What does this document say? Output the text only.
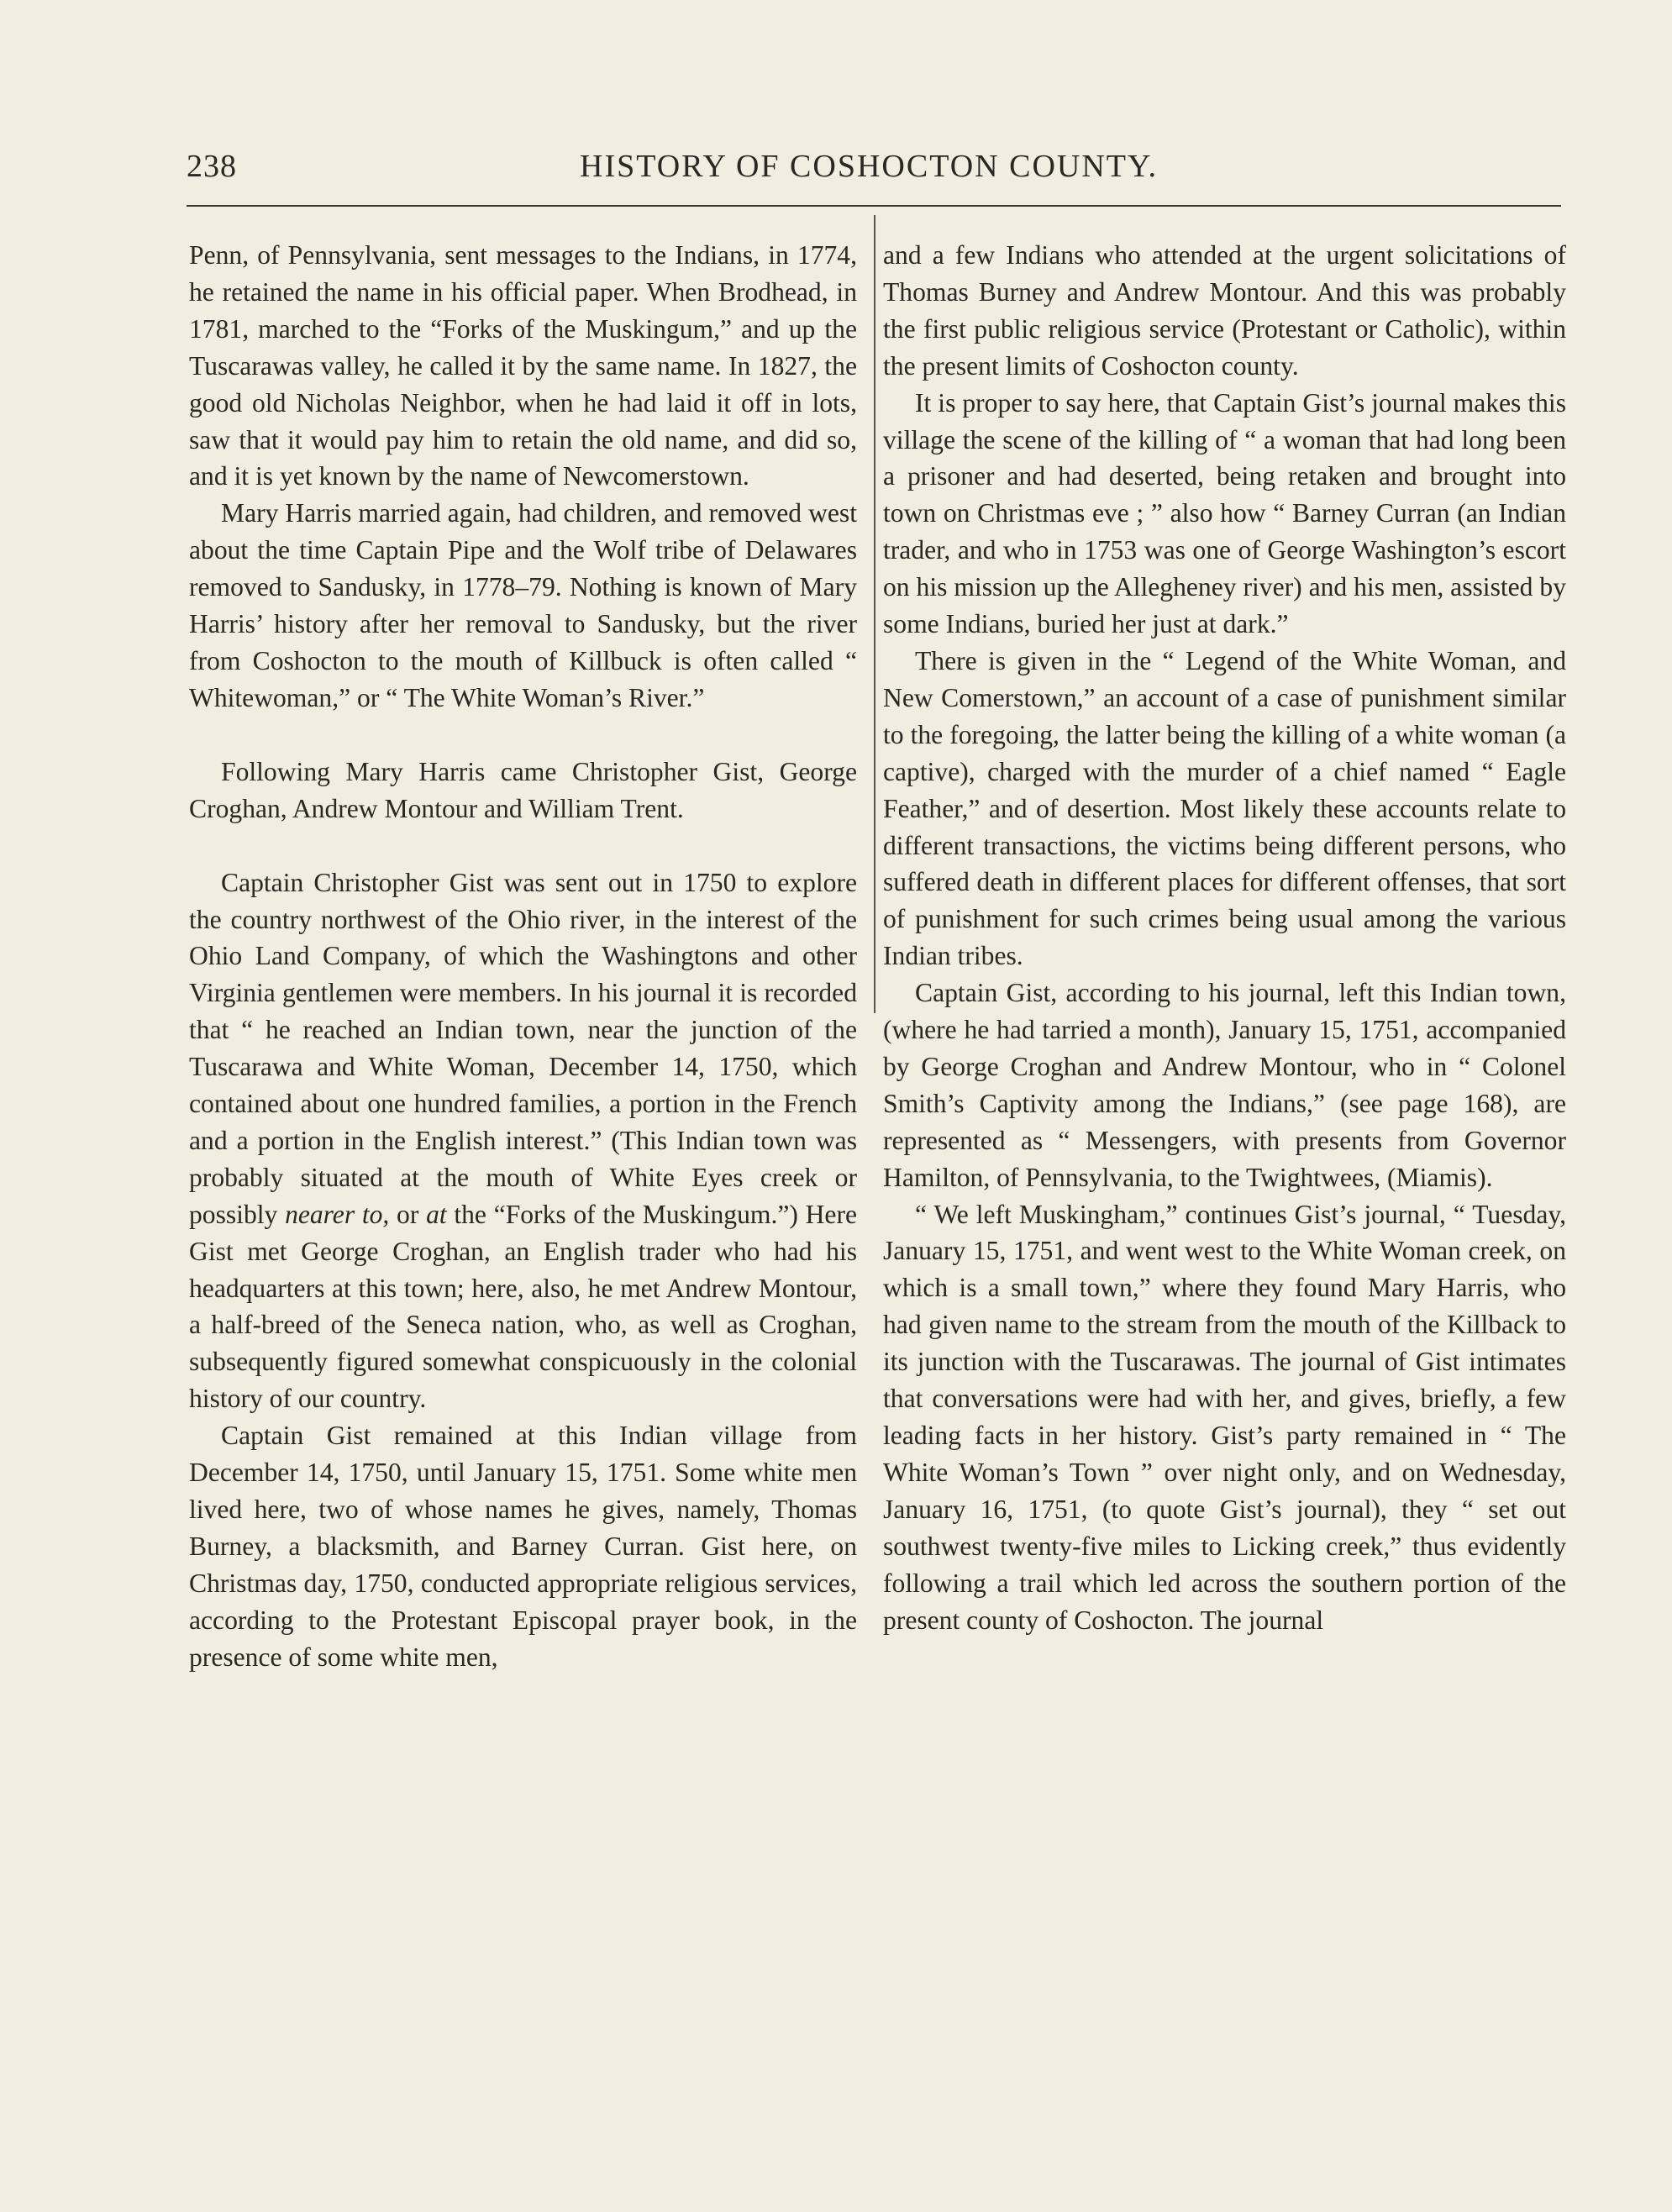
238	HISTORY OF COSHOCTON COUNTY.

Penn, of Pennsylvania, sent messages to the Indians, in 1774, he retained the name in his official paper. When Brodhead, in 1781, marched to the “Forks of the Muskingum,” and up the Tuscarawas valley, he called it by the same name. In 1827, the good old Nicholas Neighbor, when he had laid it off in lots, saw that it would pay him to retain the old name, and did so, and it is yet known by the name of Newcomerstown.

Mary Harris married again, had children, and removed west about the time Captain Pipe and the Wolf tribe of Delawares removed to Sandusky, in 1778–79. Nothing is known of Mary Harris’ history after her removal to Sandusky, but the river from Coshocton to the mouth of Killbuck is often called “ Whitewoman,” or “ The White Woman’s River.”

Following Mary Harris came Christopher Gist, George Croghan, Andrew Montour and William Trent.

Captain Christopher Gist was sent out in 1750 to explore the country northwest of the Ohio river, in the interest of the Ohio Land Company, of which the Washingtons and other Virginia gentlemen were members. In his journal it is recorded that “ he reached an Indian town, near the junction of the Tuscarawa and White Woman, December 14, 1750, which contained about one hundred families, a portion in the French and a portion in the English interest.” (This Indian town was probably situated at the mouth of White Eyes creek or possibly nearer to, or at the “Forks of the Muskingum.”) Here Gist met George Croghan, an English trader who had his headquarters at this town; here, also, he met Andrew Montour, a half-breed of the Seneca nation, who, as well as Croghan, subsequently figured somewhat conspicuously in the colonial history of our country.

Captain Gist remained at this Indian village from December 14, 1750, until January 15, 1751. Some white men lived here, two of whose names he gives, namely, Thomas Burney, a blacksmith, and Barney Curran. Gist here, on Christmas day, 1750, conducted appropriate religious services, according to the Protestant Episcopal prayer book, in the presence of some white men,

and a few Indians who attended at the urgent solicitations of Thomas Burney and Andrew Montour. And this was probably the first public religious service (Protestant or Catholic), within the present limits of Coshocton county.

It is proper to say here, that Captain Gist’s journal makes this village the scene of the killing of “ a woman that had long been a prisoner and had deserted, being retaken and brought into town on Christmas eve ; ” also how “ Barney Curran (an Indian trader, and who in 1753 was one of George Washington’s escort on his mission up the Allegheney river) and his men, assisted by some Indians, buried her just at dark.”

There is given in the “ Legend of the White Woman, and New Comerstown,” an account of a case of punishment similar to the foregoing, the latter being the killing of a white woman (a captive), charged with the murder of a chief named “ Eagle Feather,” and of desertion. Most likely these accounts relate to different transactions, the victims being different persons, who suffered death in different places for different offenses, that sort of punishment for such crimes being usual among the various Indian tribes.

Captain Gist, according to his journal, left this Indian town, (where he had tarried a month), January 15, 1751, accompanied by George Croghan and Andrew Montour, who in “ Colonel Smith’s Captivity among the Indians,” (see page 168), are represented as “ Messengers, with presents from Governor Hamilton, of Pennsylvania, to the Twightwees, (Miamis).

“ We left Muskingham,” continues Gist’s journal, “ Tuesday, January 15, 1751, and went west to the White Woman creek, on which is a small town,” where they found Mary Harris, who had given name to the stream from the mouth of the Killback to its junction with the Tuscarawas. The journal of Gist intimates that conversations were had with her, and gives, briefly, a few leading facts in her history. Gist’s party remained in “ The White Woman’s Town ” over night only, and on Wednesday, January 16, 1751, (to quote Gist’s journal), they “ set out southwest twenty-five miles to Licking creek,” thus evidently following a trail which led across the southern portion of the present county of Coshocton. The journal
